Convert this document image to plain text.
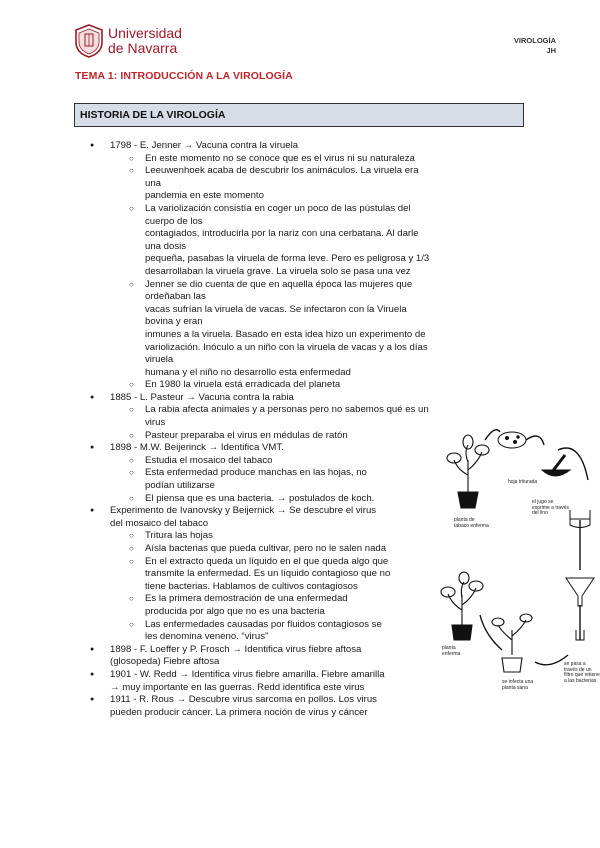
Universidad
de Navarra	VIROLOGÍA
JH
TEMA 1: INTRODUCCIÓN A LA VIROLOGÍA
HISTORIA DE LA VIROLOGÍA
● 1798 - E. Jenner → Vacuna contra la viruela
○ En este momento no se conoce que es el virus ni su naturaleza
○ Leeuwenhoek acaba de descubrir los animáculos. La viruela era una
pandemia en este momento
○ La variolización consistía en coger un poco de las pústulas del cuerpo de los
contagiados, introducirla por la nariz con una cerbatana. Al darle una dosis
pequeña, pasabas la viruela de forma leve. Pero es peligrosa y 1/3
desarrollaban la viruela grave. La viruela solo se pasa una vez
○ Jenner se dio cuenta de que en aquella época las mujeres que ordeñaban las
vacas sufrían la viruela de vacas. Se infectaron con la Viruela bovina y eran
inmunes a la viruela. Basado en esta idea hizo un experimento de
variolización. Inóculo a un niño con la viruela de vacas y a los días viruela
humana y el niño no desarrollo esta enfermedad
○ En 1980 la viruela está erradicada del planeta
● 1885 - L. Pasteur → Vacuna contra la rabia
○ La rabia afecta animales y a personas pero no sabemos qué es un virus
○ Pasteur preparaba el virus en médulas de ratón
● 1898 - M.W. Beijerinck → Identifica VMT.
○ Estudia el mosaico del tabaco
○ Esta enfermedad produce manchas en las hojas, no
podían utilizarse
○ El piensa que es una bacteria. → postulados de koch.
● Experimento de Ivanovsky y Beijernick → Se descubre el virus
del mosaico del tabaco
○ Tritura las hojas
○ Aísla bacterias que pueda cultivar, pero no le salen nada
○ En el extracto queda un líquido en el que queda algo que
transmite la enfermedad. Es un líquido contagioso que no
tiene bacterias. Hablamos de cultivos contagiosos
○ Es la primera demostración de una enfermedad
producida por algo que no es una bacteria
○ Las enfermedades causadas por fluidos contagiosos se
les denomina veneno. “virus”
● 1898 - F. Loeffer y P. Frosch → Identifica virus fiebre aftosa
(glosopeda) Fiebre aftosa
● 1901 - W. Redd → Identifica virus fiebre amarilla. Fiebre amarilla
→ muy importante en las guerras. Redd identifica este virus
● 1911 - R. Rous → Descubre virus sarcoma en pollos. Los virus
pueden producir cáncer. La primera noción de virus y cáncer
hoja triturada
planta de tabaco enferma
el jugo se exprime a través del lino
se pasa a través de un filtro que retiene a las bacterias
se infecta una planta sana
planta enferma
